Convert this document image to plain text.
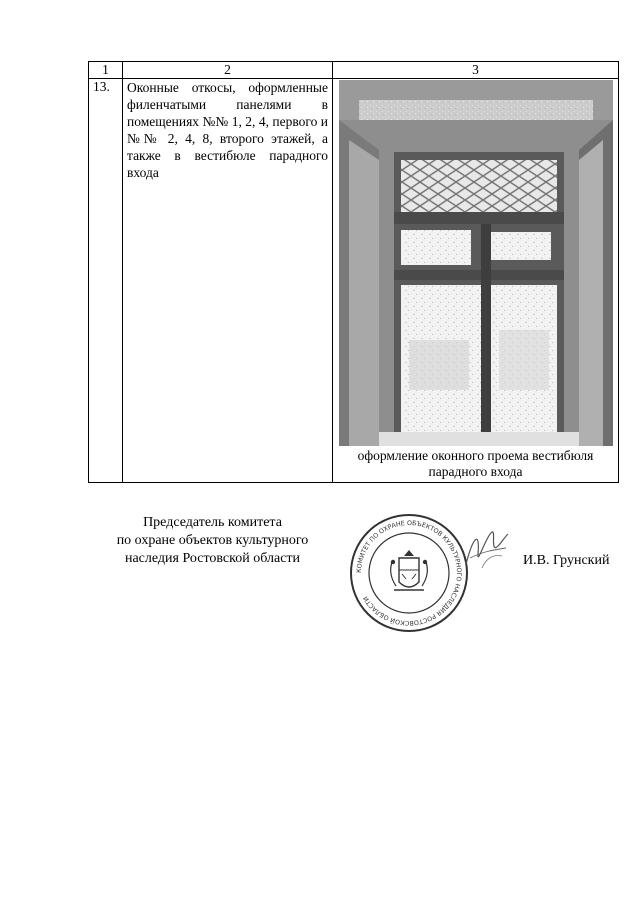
1	2	3
13.	Оконные откосы, оформленные филенчатыми панелями в помещениях №№ 1, 2, 4, первого и №№ 2, 4, 8, второго этажей, а также в вестибюле парадного входа	оформление оконного проема вестибюля парадного входа
Председатель комитета
по охране объектов культурного
наследия Ростовской области
КОМИТЕТ ПО ОХРАНЕ ОБЪЕКТОВ КУЛЬТУРНОГО НАСЛЕДИЯ РОСТОВСКОЙ ОБЛАСТИ
И.В. Грунский
